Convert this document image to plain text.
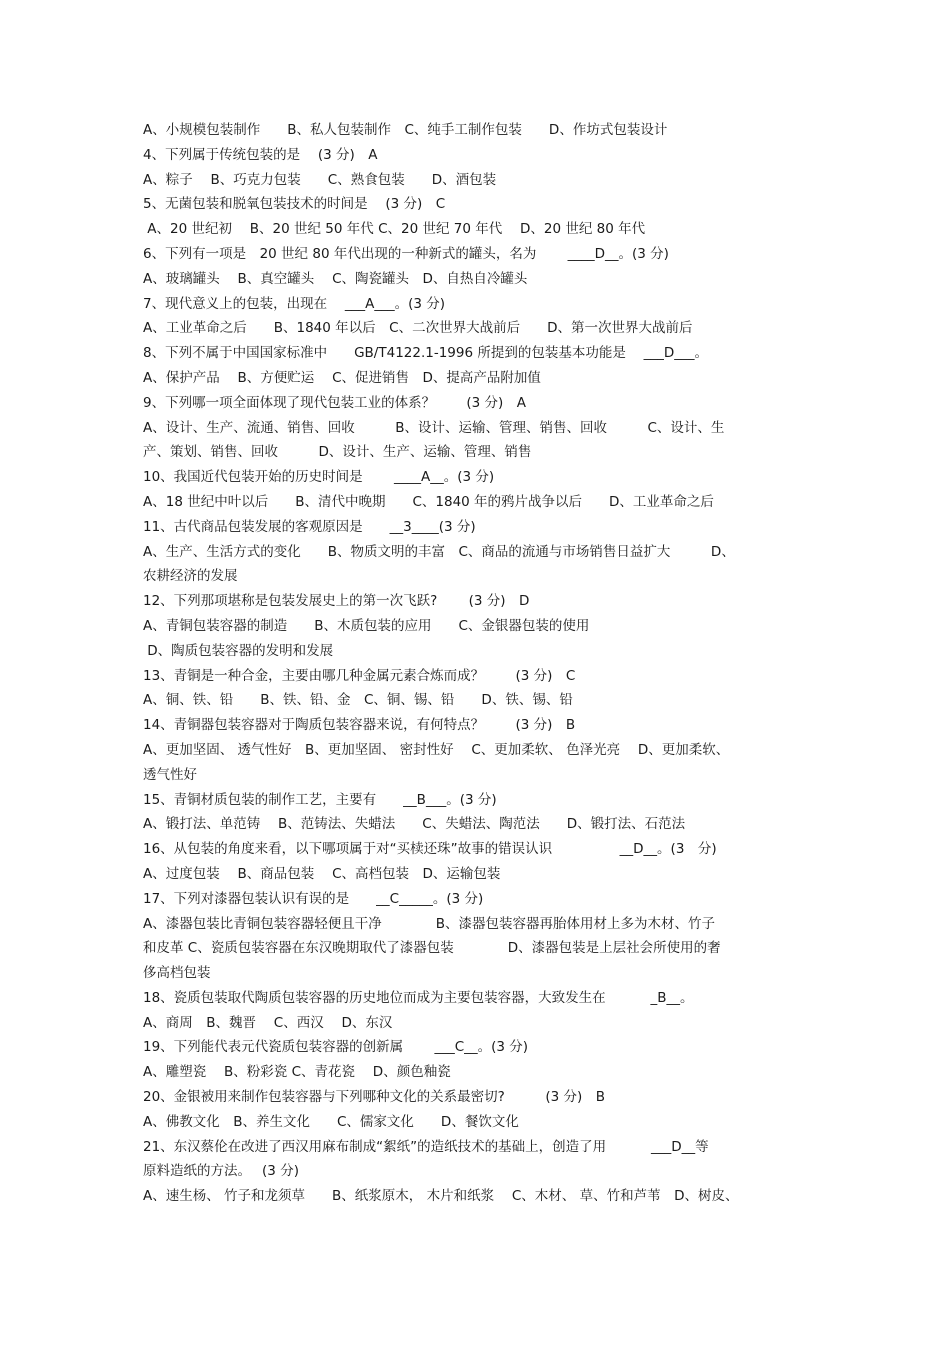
A、小规模包装制作　　B、私人包装制作　C、纯手工制作包装　　D、作坊式包装设计
4、下列属于传统包装的是　 (3 分)　A
A、粽子　 B、巧克力包装　　C、熟食包装　　D、酒包装
5、无菌包装和脱氧包装技术的时间是　 (3 分)　C
A、20 世纪初　 B、20 世纪 50 年代 C、20 世纪 70 年代　 D、20 世纪 80 年代
6、下列有一项是　20 世纪 80 年代出现的一种新式的罐头，名为　　 ____D__。(3 分)
A、玻璃罐头　 B、真空罐头　 C、陶瓷罐头　D、自热自冷罐头
7、现代意义上的包装，出现在　 ___A___。(3 分)
A、工业革命之后　　B、1840 年以后　C、二次世界大战前后　　D、第一次世界大战前后
8、下列不属于中国国家标准中　　GB/T4122.1-1996 所提到的包装基本功能是　 ___D___。
A、保护产品　 B、方便贮运　 C、促进销售　D、提高产品附加值
9、下列哪一项全面体现了现代包装工业的体系？　　 (3 分)　A
A、设计、生产、流通、销售、回收　　　B、设计、运输、管理、销售、回收　　　C、设计、生
产、策划、销售、回收　　　D、设计、生产、运输、管理、销售
10、我国近代包装开始的历史时间是　　 ____A__。(3 分)
A、18 世纪中叶以后　　B、清代中晚期　　C、1840 年的鸦片战争以后　　D、工业革命之后
11、古代商品包装发展的客观原因是　　__3____(3 分)
A、生产、生活方式的变化　　B、物质文明的丰富　C、商品的流通与市场销售日益扩大　　　D、
农耕经济的发展
12、下列那项堪称是包装发展史上的第一次飞跃?　　 (3 分)　D
A、青铜包装容器的制造　　B、木质包装的应用　　C、金银器包装的使用
D、陶质包装容器的发明和发展
13、青铜是一种合金，主要由哪几种金属元素合炼而成？　　 (3 分)　C
A、铜、铁、铅　　B、铁、铅、金　C、铜、锡、铅　　D、铁、锡、铅
14、青铜器包装容器对于陶质包装容器来说，有何特点？　　 (3 分)　B
A、更加坚固、 透气性好　B、更加坚固、 密封性好　 C、更加柔软、 色泽光亮　 D、更加柔软、
透气性好
15、青铜材质包装的制作工艺，主要有　　__B___。(3 分)
A、锻打法、单范铸　 B、范铸法、失蜡法　　C、失蜡法、陶范法　　D、锻打法、石范法
16、从包装的角度来看，以下哪项属于对“买椟还珠”故事的错误认识　　　　　__D__。(3　分)
A、过度包装　 B、商品包装　 C、高档包装　D、运输包装
17、下列对漆器包装认识有误的是　　__C_____。(3 分)
A、漆器包装比青铜包装容器轻便且干净　　　　B、漆器包装容器再胎体用材上多为木材、竹子
和皮革 C、瓷质包装容器在东汉晚期取代了漆器包装　　　　D、漆器包装是上层社会所使用的奢
侈高档包装
18、瓷质包装取代陶质包装容器的历史地位而成为主要包装容器，大致发生在　　　 _B__。
A、商周　B、魏晋　 C、西汉　 D、东汉
19、下列能代表元代瓷质包装容器的创新属　　 ___C__。(3 分)
A、雕塑瓷　 B、粉彩瓷 C、青花瓷　 D、颜色釉瓷
20、金银被用来制作包装容器与下列哪种文化的关系最密切?　　　(3 分)　B
A、佛教文化　B、养生文化　　C、儒家文化　　D、餐饮文化
21、东汉蔡伦在改进了西汉用麻布制成“絮纸”的造纸技术的基础上，创造了用　　　 ___D__等
原料造纸的方法。　 (3 分)
A、速生杨、 竹子和龙须草　　B、纸浆原木， 木片和纸浆　 C、木材、 草、竹和芦苇　D、树皮、
